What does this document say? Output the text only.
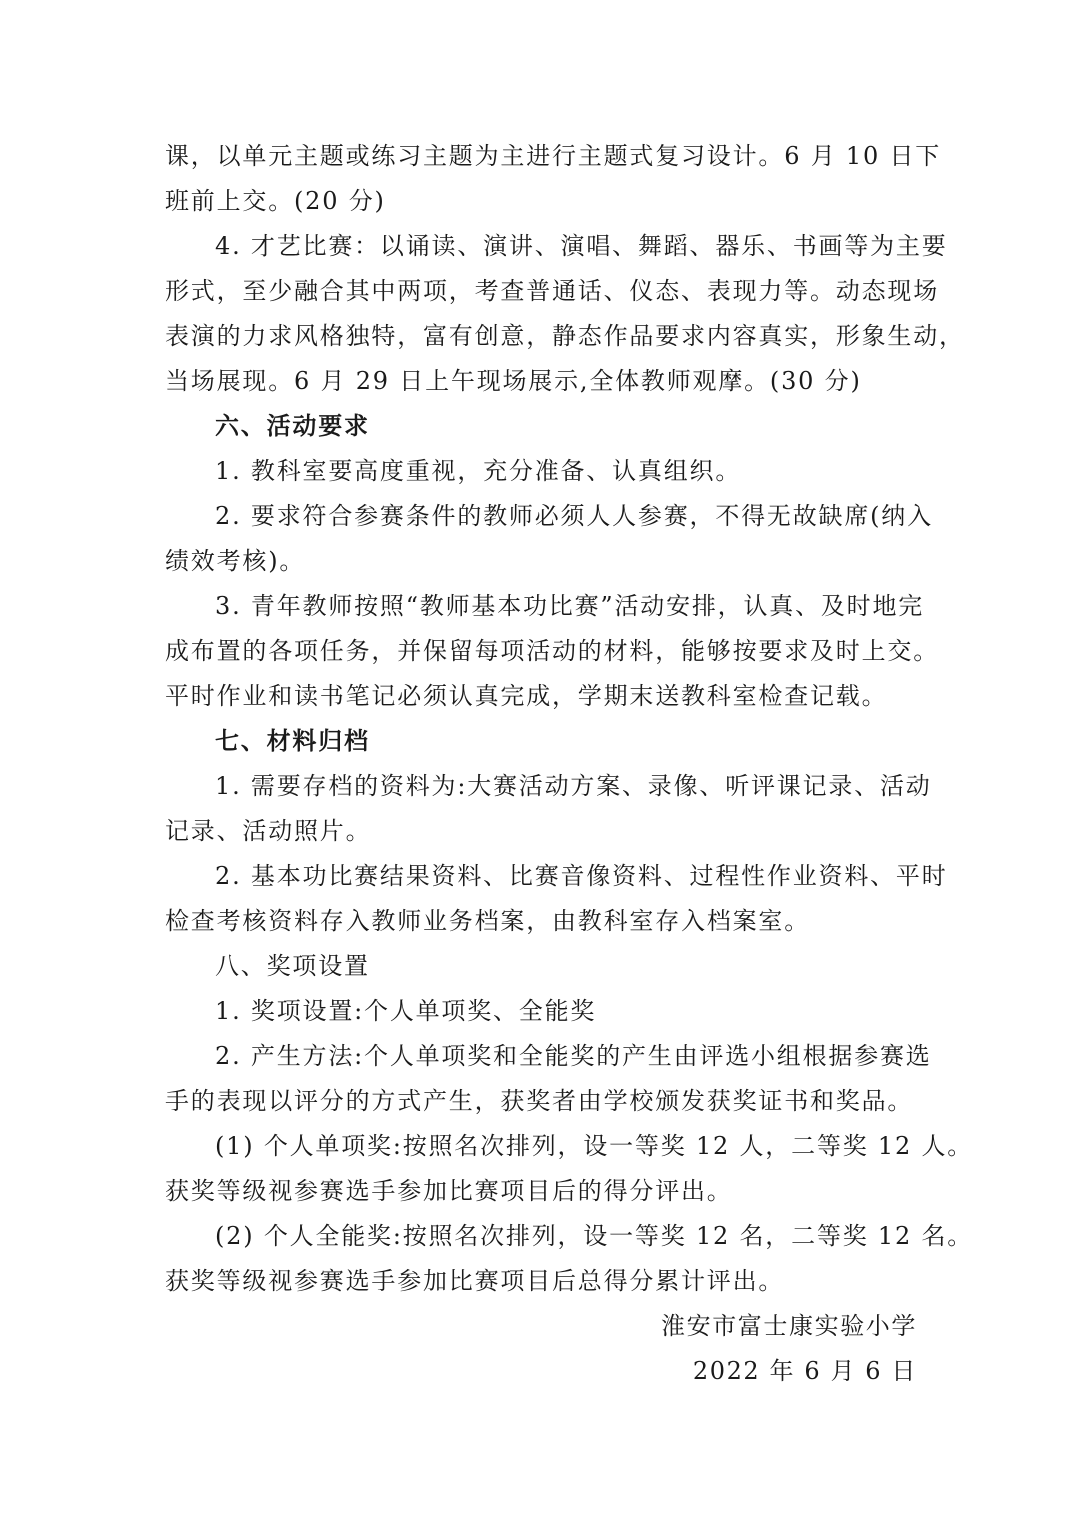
课，以单元主题或练习主题为主进行主题式复习设计。6 月 10 日下
班前上交。(20 分)

4. 才艺比赛：以诵读、演讲、演唱、舞蹈、器乐、书画等为主要

形式，至少融合其中两项，考查普通话、仪态、表现力等。动态现场
表演的力求风格独特，富有创意，静态作品要求内容真实，形象生动，
当场展现。6 月 29 日上午现场展示,全体教师观摩。(30 分)

六、活动要求

1. 教科室要高度重视，充分准备、认真组织。

2. 要求符合参赛条件的教师必须人人参赛，不得无故缺席(纳入
绩效考核)。

3. 青年教师按照“教师基本功比赛”活动安排，认真、及时地完
成布置的各项任务，并保留每项活动的材料，能够按要求及时上交。
平时作业和读书笔记必须认真完成，学期末送教科室检查记载。

七、材料归档

1. 需要存档的资料为:大赛活动方案、录像、听评课记录、活动
记录、活动照片。

2. 基本功比赛结果资料、比赛音像资料、过程性作业资料、平时
检查考核资料存入教师业务档案，由教科室存入档案室。

八、奖项设置

1. 奖项设置:个人单项奖、全能奖

2. 产生方法:个人单项奖和全能奖的产生由评选小组根据参赛选
手的表现以评分的方式产生，获奖者由学校颁发获奖证书和奖品。

(1) 个人单项奖:按照名次排列，设一等奖 12 人，二等奖 12 人。
获奖等级视参赛选手参加比赛项目后的得分评出。

(2) 个人全能奖:按照名次排列，设一等奖 12 名，二等奖 12 名。
获奖等级视参赛选手参加比赛项目后总得分累计评出。

淮安市富士康实验小学

2022 年 6 月 6 日
